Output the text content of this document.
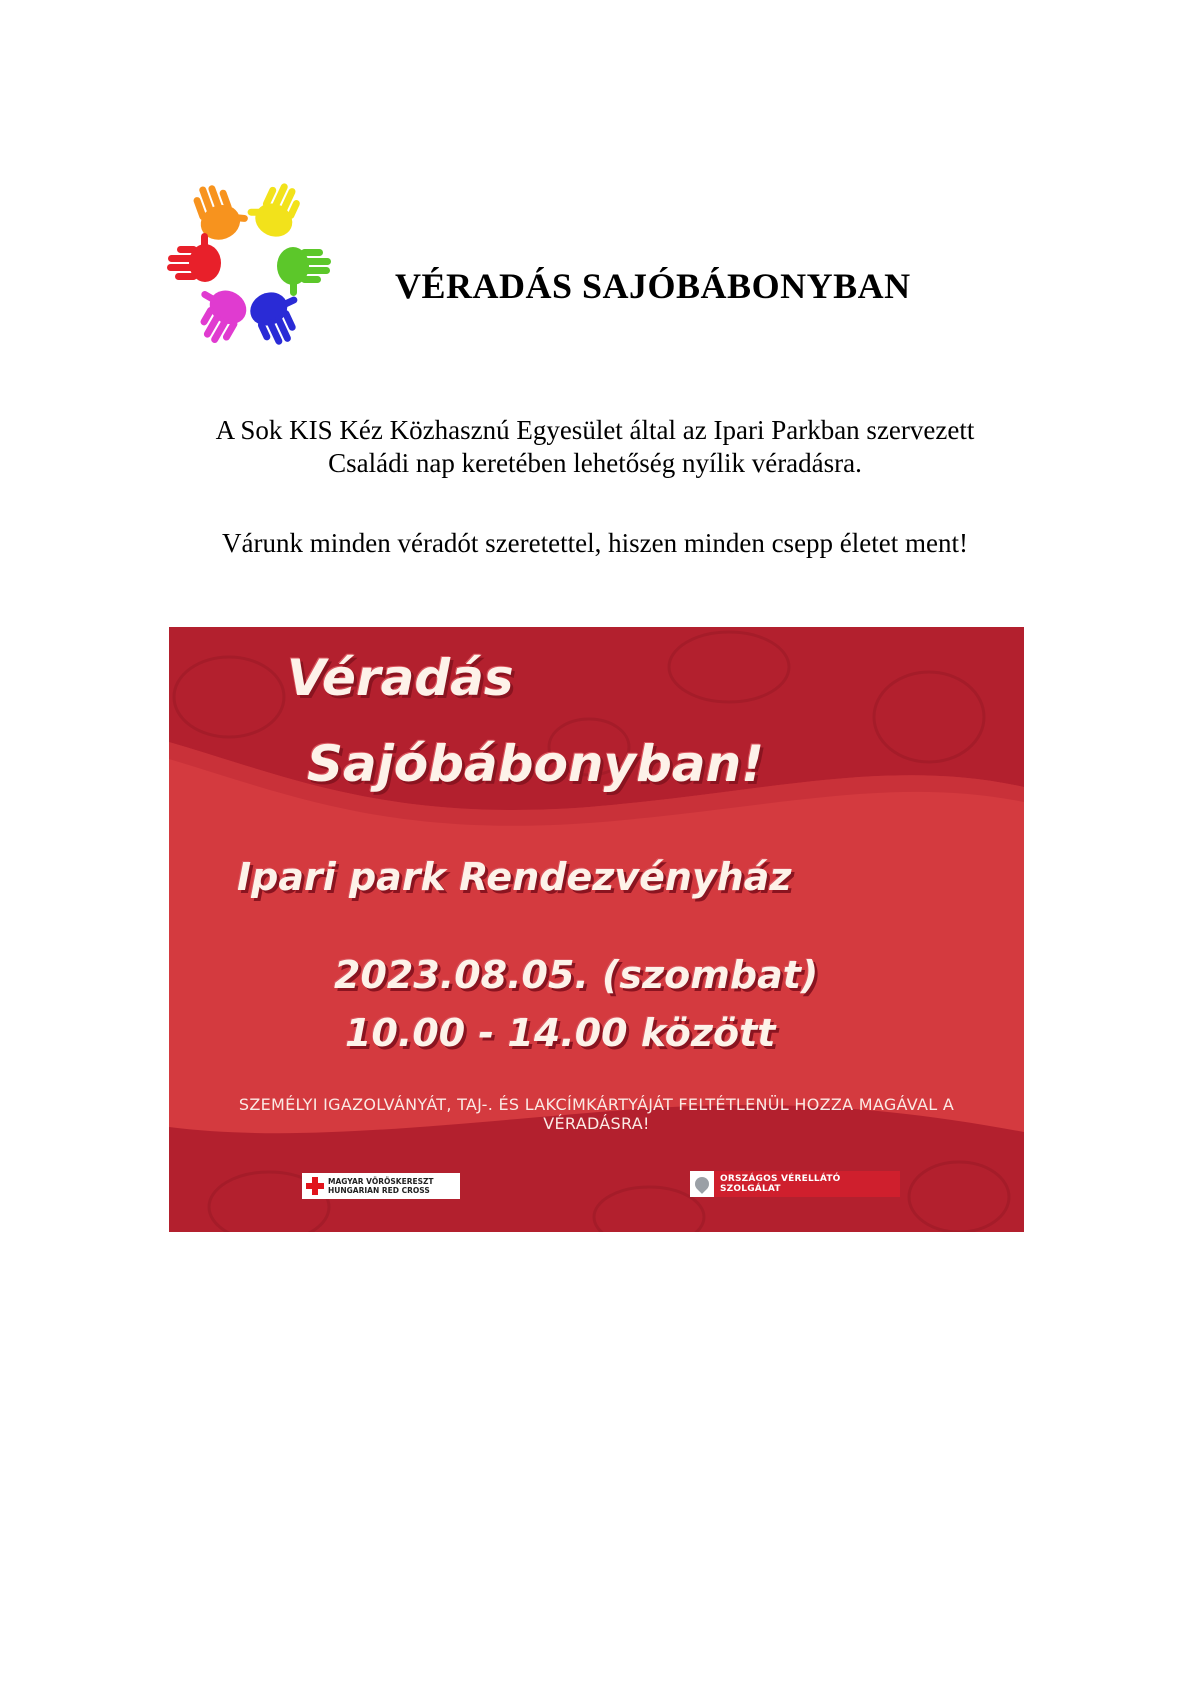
VÉRADÁS SAJÓBÁBONYBAN

A Sok KIS Kéz Közhasznú Egyesület által az Ipari Parkban szervezett

Családi nap keretében lehetőség nyílik véradásra.

Várunk minden véradót szeretettel, hiszen minden csepp életet ment!

Véradás
Sajóbábonyban!
Ipari park Rendezvényház
2023.08.05. (szombat)
10.00 - 14.00 között
SZEMÉLYI IGAZOLVÁNYÁT, TAJ-. ÉS LAKCÍMKÁRTYÁJÁT FELTÉTLENÜL HOZZA MAGÁVAL A
VÉRADÁSRA!
MAGYAR VÖRÖSKERESZT
HUNGARIAN RED CROSS
ORSZÁGOS VÉRELLÁTÓ SZOLGÁLAT
